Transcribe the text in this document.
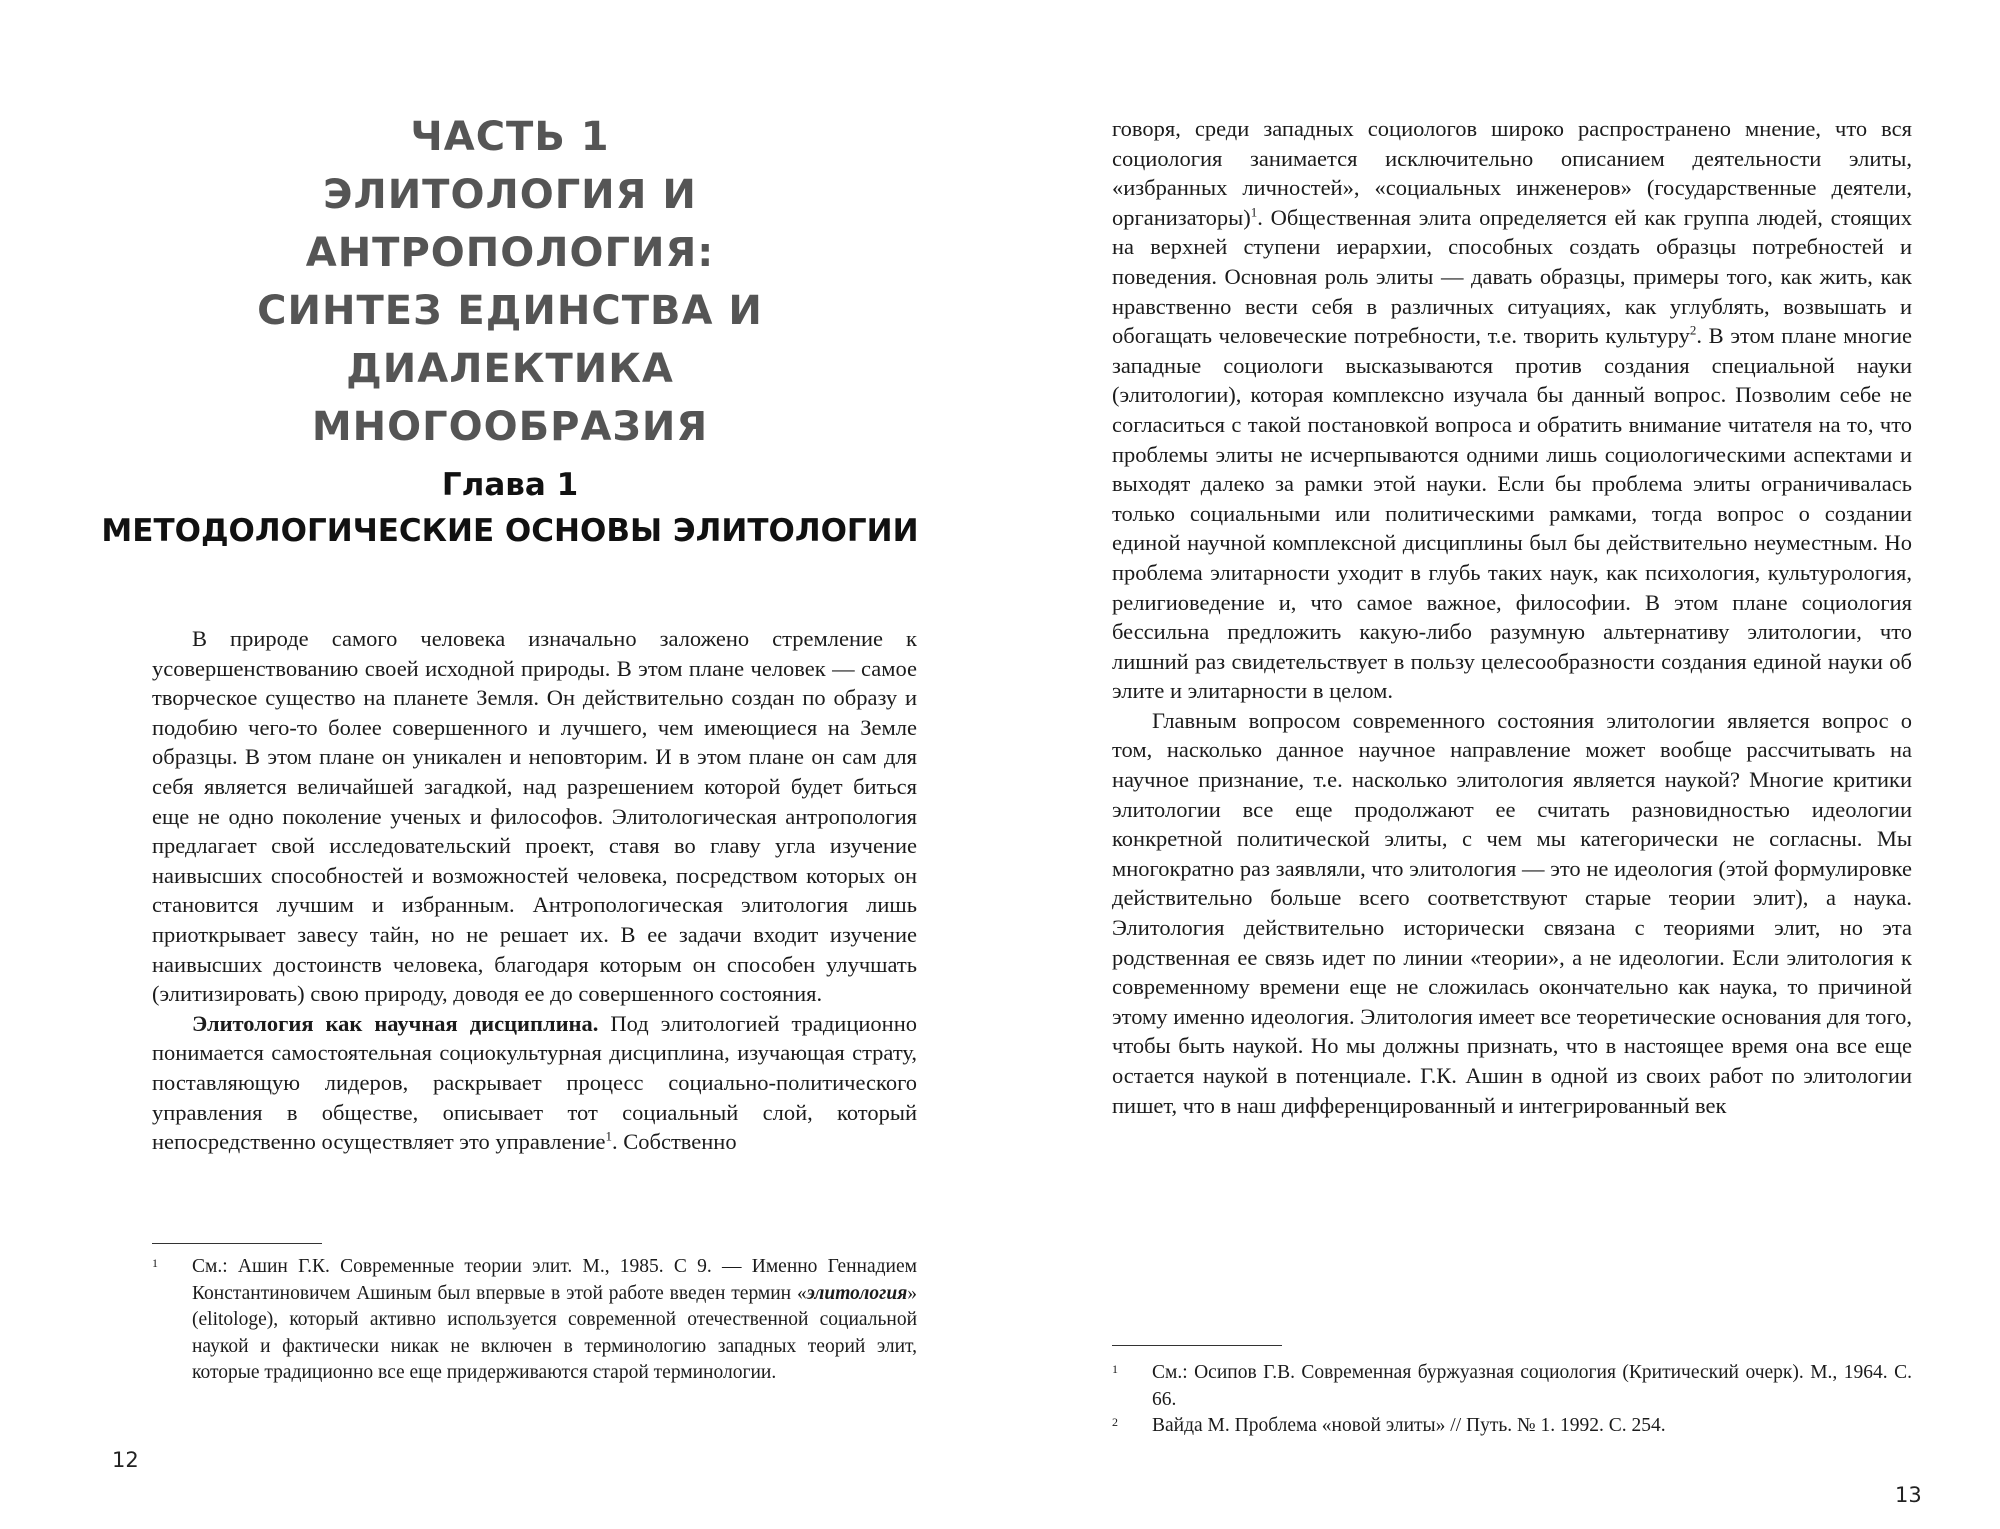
ЧАСТЬ 1
ЭЛИТОЛОГИЯ И АНТРОПОЛОГИЯ:
СИНТЕЗ ЕДИНСТВА И ДИАЛЕКТИКА
МНОГООБРАЗИЯ
Глава 1
МЕТОДОЛОГИЧЕСКИЕ ОСНОВЫ ЭЛИТОЛОГИИ

В природе самого человека изначально заложено стремление к усовершенствованию своей исходной природы. В этом плане человек — самое творческое существо на планете Земля. Он действительно создан по образу и подобию чего-то более совершенного и лучшего, чем имеющиеся на Земле образцы. В этом плане он уникален и неповторим. И в этом плане он сам для себя является величайшей загадкой, над разрешением которой будет биться еще не одно поколение ученых и философов. Элитологическая антропология предлагает свой исследовательский проект, ставя во главу угла изучение наивысших способностей и возможностей человека, посредством которых он становится лучшим и избранным. Антропологическая элитология лишь приоткрывает завесу тайн, но не решает их. В ее задачи входит изучение наивысших достоинств человека, благодаря которым он способен улучшать (элитизировать) свою природу, доводя ее до совершенного состояния.

Элитология как научная дисциплина. Под элитологией традиционно понимается самостоятельная социокультурная дисциплина, изучающая страту, поставляющую лидеров, раскрывает процесс социально-политического управления в обществе, описывает тот социальный слой, который непосредственно осуществляет это управление$^1$. Собственно

1 См.: Ашин Г.К. Современные теории элит. М., 1985. С 9. — Именно Геннадием Константиновичем Ашиным был впервые в этой работе введен термин «элитология» (elitologe), который активно используется современной отечественной социальной наукой и фактически никак не включен в терминологию западных теорий элит, которые традиционно все еще придерживаются старой терминологии.

12

говоря, среди западных социологов широко распространено мнение, что вся социология занимается исключительно описанием деятельности элиты, «избранных личностей», «социальных инженеров» (государственные деятели, организаторы)$^1$. Общественная элита определяется ей как группа людей, стоящих на верхней ступени иерархии, способных создать образцы потребностей и поведения. Основная роль элиты — давать образцы, примеры того, как жить, как нравственно вести себя в различных ситуациях, как углублять, возвышать и обогащать человеческие потребности, т.е. творить культуру$^2$. В этом плане многие западные социологи высказываются против создания специальной науки (элитологии), которая комплексно изучала бы данный вопрос. Позволим себе не согласиться с такой постановкой вопроса и обратить внимание читателя на то, что проблемы элиты не исчерпываются одними лишь социологическими аспектами и выходят далеко за рамки этой науки. Если бы проблема элиты ограничивалась только социальными или политическими рамками, тогда вопрос о создании единой научной комплексной дисциплины был бы действительно неуместным. Но проблема элитарности уходит в глубь таких наук, как психология, культурология, религиоведение и, что самое важное, философии. В этом плане социология бессильна предложить какую-либо разумную альтернативу элитологии, что лишний раз свидетельствует в пользу целесообразности создания единой науки об элите и элитарности в целом.

Главным вопросом современного состояния элитологии является вопрос о том, насколько данное научное направление может вообще рассчитывать на научное признание, т.е. насколько элитология является наукой? Многие критики элитологии все еще продолжают ее считать разновидностью идеологии конкретной политической элиты, с чем мы категорически не согласны. Мы многократно раз заявляли, что элитология — это не идеология (этой формулировке действительно больше всего соответствуют старые теории элит), а наука. Элитология действительно исторически связана с теориями элит, но эта родственная ее связь идет по линии «теории», а не идеологии. Если элитология к современному времени еще не сложилась окончательно как наука, то причиной этому именно идеология. Элитология имеет все теоретические основания для того, чтобы быть наукой. Но мы должны признать, что в настоящее время она все еще остается наукой в потенциале. Г.К. Ашин в одной из своих работ по элитологии пишет, что в наш дифференцированный и интегрированный век

1 См.: Осипов Г.В. Современная буржуазная социология (Критический очерк). М., 1964. С. 66.

2 Вайда М. Проблема «новой элиты» // Путь. № 1. 1992. С. 254.

13
